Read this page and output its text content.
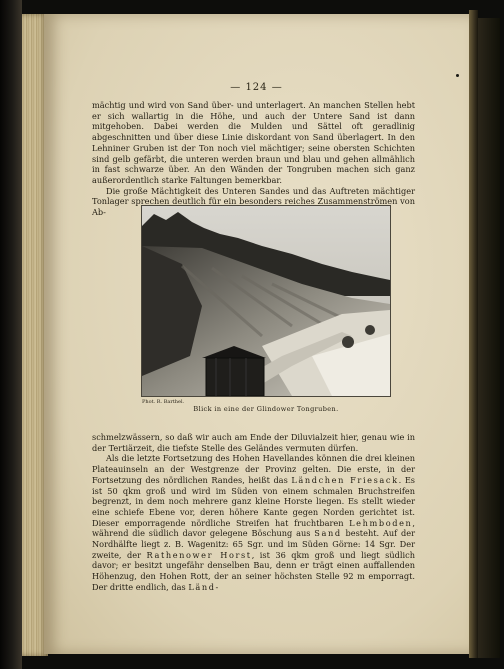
— 124 —

mächtig und wird von Sand über- und unterlagert. An manchen Stellen hebt er sich wallartig in die Höhe, und auch der Untere Sand ist dann mitgehoben. Dabei werden die Mulden und Sättel oft geradlinig abgeschnitten und über diese Linie diskordant von Sand überlagert. In den Lehniner Gruben ist der Ton noch viel mächtiger; seine obersten Schichten sind gelb gefärbt, die unteren werden braun und blau und gehen allmählich in fast schwarze über. An den Wänden der Tongruben machen sich ganz außerordentlich starke Faltungen bemerkbar.

Die große Mächtigkeit des Unteren Sandes und das Auftreten mächtiger Tonlager sprechen deutlich für ein besonders reiches Zusammenströmen von Ab-

Phot. R. Barthel.
Blick in eine der Glindower Tongruben.

schmelzwässern, so daß wir auch am Ende der Diluvialzeit hier, genau wie in der Tertiärzeit, die tiefste Stelle des Geländes vermuten dürfen.

Als die letzte Fortsetzung des Hohen Havellandes können die drei kleinen Plateauinseln an der Westgrenze der Provinz gelten. Die erste, in der Fortsetzung des nördlichen Randes, heißt das Ländchen Friesack. Es ist 50 qkm groß und wird im Süden von einem schmalen Bruchstreifen begrenzt, in dem noch mehrere ganz kleine Horste liegen. Es stellt wieder eine schiefe Ebene vor, deren höhere Kante gegen Norden gerichtet ist. Dieser emporragende nördliche Streifen hat fruchtbaren Lehmboden, während die südlich davor gelegene Böschung aus Sand besteht. Auf der Nordhälfte liegt z. B. Wagenitz: 65 Sgr. und im Süden Görne: 14 Sgr. Der zweite, der Rathenower Horst, ist 36 qkm groß und liegt südlich davor; er besitzt ungefähr denselben Bau, denn er trägt einen auffallenden Höhenzug, den Hohen Rott, der an seiner höchsten Stelle 92 m emporragt. Der dritte endlich, das Länd-
